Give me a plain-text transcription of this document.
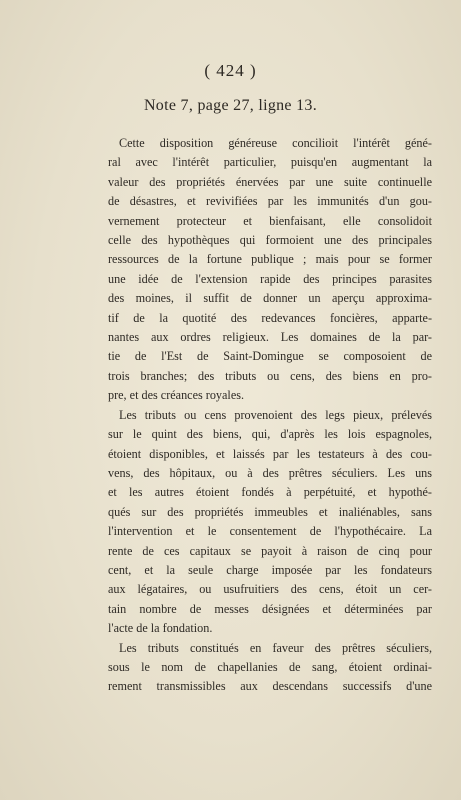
( 424 )
Note 7, page 27, ligne 13.
Cette disposition généreuse concilioit l'intérêt géné-
ral avec l'intérêt particulier, puisqu'en augmentant la
valeur des propriétés énervées par une suite continuelle
de désastres, et revivifiées par les immunités d'un gou-
vernement protecteur et bienfaisant, elle consolidoit
celle des hypothèques qui formoient une des principales
ressources de la fortune publique ; mais pour se former
une idée de l'extension rapide des principes parasites
des moines, il suffit de donner un aperçu approxima-
tif de la quotité des redevances foncières, apparte-
nantes aux ordres religieux. Les domaines de la par-
tie de l'Est de Saint-Domingue se composoient de
trois branches; des tributs ou cens, des biens en pro-
pre, et des créances royales.
Les tributs ou cens provenoient des legs pieux, prélevés
sur le quint des biens, qui, d'après les lois espagnoles,
étoient disponibles, et laissés par les testateurs à des cou-
vens, des hôpitaux, ou à des prêtres séculiers. Les uns
et les autres étoient fondés à perpétuité, et hypothé-
qués sur des propriétés immeubles et inaliénables, sans
l'intervention et le consentement de l'hypothécaire. La
rente de ces capitaux se payoit à raison de cinq pour
cent, et la seule charge imposée par les fondateurs
aux légataires, ou usufruitiers des cens, étoit un cer-
tain nombre de messes désignées et déterminées par
l'acte de la fondation.
Les tributs constitués en faveur des prêtres séculiers,
sous le nom de chapellanies de sang, étoient ordinai-
rement transmissibles aux descendans successifs d'une
